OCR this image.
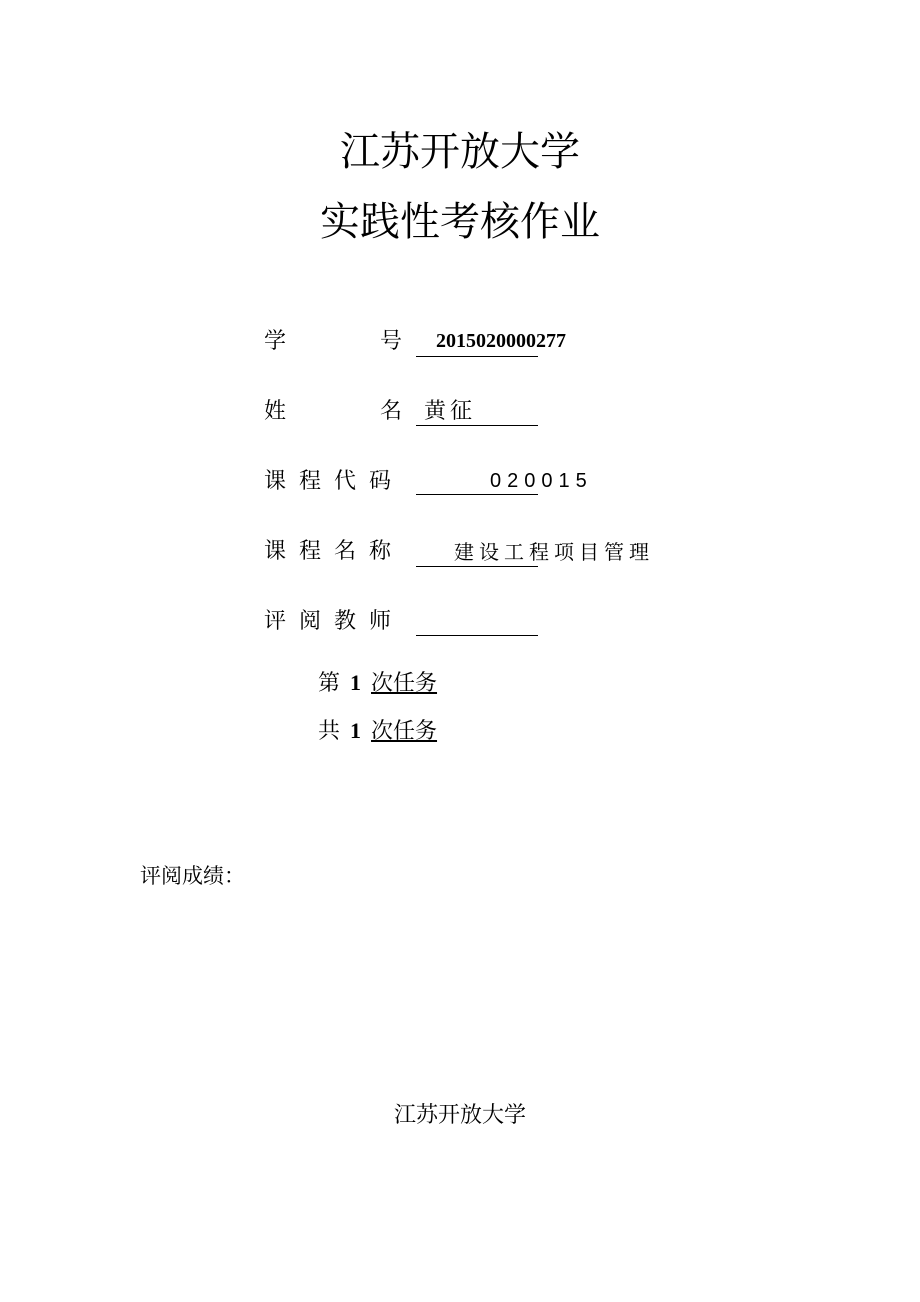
江苏开放大学
实践性考核作业
学	号 2015020000277
姓	名 黄征
课程代码	020015
课程名称 建设工程项目管理
评阅教师
第 1 次任务
共 1 次任务
评阅成绩：
江苏开放大学
